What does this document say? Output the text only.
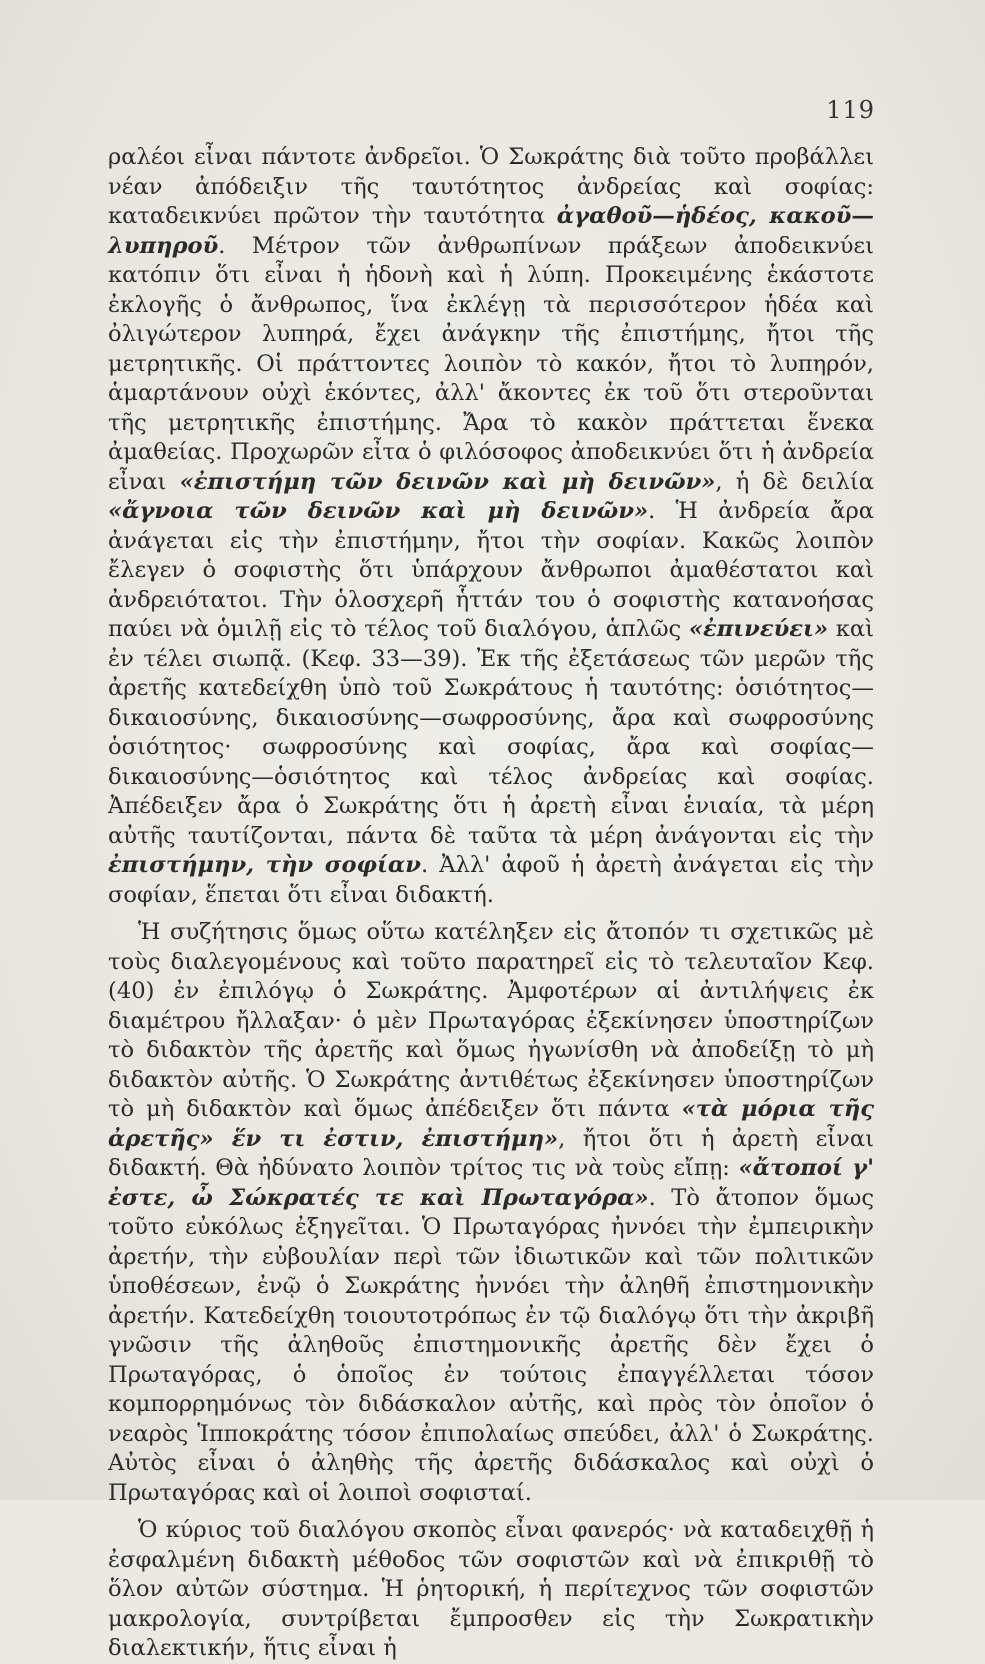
119

ραλέοι εἶναι πάντοτε ἀνδρεῖοι. Ὁ Σωκράτης διὰ τοῦτο προβάλλει νέαν ἀπόδειξιν τῆς ταυτότητος ἀνδρείας καὶ σοφίας: καταδεικνύει πρῶτον τὴν ταυτότητα ἀγαθοῦ—ἡδέος, κακοῦ—λυπηροῦ. Μέτρον τῶν ἀνθρωπίνων πράξεων ἀποδεικνύει κατόπιν ὅτι εἶναι ἡ ἡδονὴ καὶ ἡ λύπη. Προκειμένης ἑκάστοτε ἐκλογῆς ὁ ἄνθρωπος, ἵνα ἐκλέγῃ τὰ περισσότερον ἡδέα καὶ ὀλιγώτερον λυπηρά, ἔχει ἀνάγκην τῆς ἐπιστήμης, ἤτοι τῆς μετρητικῆς. Οἱ πράττοντες λοιπὸν τὸ κακόν, ἤτοι τὸ λυπηρόν, ἁμαρτάνουν οὐχὶ ἑκόντες, ἀλλ' ἄκοντες ἐκ τοῦ ὅτι στεροῦνται τῆς μετρητικῆς ἐπιστήμης. Ἄρα τὸ κακὸν πράττεται ἕνεκα ἀμαθείας. Προχωρῶν εἶτα ὁ φιλόσοφος ἀποδεικνύει ὅτι ἡ ἀνδρεία εἶναι «ἐπιστήμη τῶν δεινῶν καὶ μὴ δεινῶν», ἡ δὲ δειλία «ἄγνοια τῶν δεινῶν καὶ μὴ δεινῶν». Ἡ ἀνδρεία ἄρα ἀνάγεται εἰς τὴν ἐπιστήμην, ἤτοι τὴν σοφίαν. Κακῶς λοιπὸν ἔλεγεν ὁ σοφιστὴς ὅτι ὑπάρχουν ἄνθρωποι ἀμαθέστατοι καὶ ἀνδρειότατοι. Τὴν ὁλοσχερῆ ἧττάν του ὁ σοφιστὴς κατανοήσας παύει νὰ ὁμιλῇ εἰς τὸ τέλος τοῦ διαλόγου, ἁπλῶς «ἐπινεύει» καὶ ἐν τέλει σιωπᾷ. (Κεφ. 33—39). Ἐκ τῆς ἐξετάσεως τῶν μερῶν τῆς ἀρετῆς κατεδείχθη ὑπὸ τοῦ Σωκράτους ἡ ταυτότης: ὁσιότητος—δικαιοσύνης, δικαιοσύνης—σωφροσύνης, ἄρα καὶ σωφροσύνης ὁσιότητος· σωφροσύνης καὶ σοφίας, ἄρα καὶ σοφίας—δικαιοσύνης—ὁσιότητος καὶ τέλος ἀνδρείας καὶ σοφίας. Ἀπέδειξεν ἄρα ὁ Σωκράτης ὅτι ἡ ἀρετὴ εἶναι ἑνιαία, τὰ μέρη αὐτῆς ταυτίζονται, πάντα δὲ ταῦτα τὰ μέρη ἀνάγονται εἰς τὴν ἐπιστήμην, τὴν σοφίαν. Ἀλλ' ἀφοῦ ἡ ἀρετὴ ἀνάγεται εἰς τὴν σοφίαν, ἕπεται ὅτι εἶναι διδακτή.

Ἡ συζήτησις ὅμως οὕτω κατέληξεν εἰς ἄτοπόν τι σχετικῶς μὲ τοὺς διαλεγομένους καὶ τοῦτο παρατηρεῖ εἰς τὸ τελευταῖον Κεφ. (40) ἐν ἐπιλόγῳ ὁ Σωκράτης. Ἀμφοτέρων αἱ ἀντιλήψεις ἐκ διαμέτρου ἤλλαξαν· ὁ μὲν Πρωταγόρας ἐξεκίνησεν ὑποστηρίζων τὸ διδακτὸν τῆς ἀρετῆς καὶ ὅμως ἠγωνίσθη νὰ ἀποδείξῃ τὸ μὴ διδακτὸν αὐτῆς. Ὁ Σωκράτης ἀντιθέτως ἐξεκίνησεν ὑποστηρίζων τὸ μὴ διδακτὸν καὶ ὅμως ἀπέδειξεν ὅτι πάντα «τὰ μόρια τῆς ἀρετῆς» ἕν τι ἐστιν, ἐπιστήμη», ἤτοι ὅτι ἡ ἀρετὴ εἶναι διδακτή. Θὰ ἠδύνατο λοιπὸν τρίτος τις νὰ τοὺς εἴπῃ: «ἄτοποί γ' ἐστε, ὦ Σώκρατές τε καὶ Πρωταγόρα». Τὸ ἄτοπον ὅμως τοῦτο εὐκόλως ἐξηγεῖται. Ὁ Πρωταγόρας ἠννόει τὴν ἐμπειρικὴν ἀρετήν, τὴν εὐβουλίαν περὶ τῶν ἰδιωτικῶν καὶ τῶν πολιτικῶν ὑποθέσεων, ἐνῷ ὁ Σωκράτης ἠννόει τὴν ἀληθῆ ἐπιστημονικὴν ἀρετήν. Κατεδείχθη τοιουτοτρόπως ἐν τῷ διαλόγῳ ὅτι τὴν ἀκριβῆ γνῶσιν τῆς ἀληθοῦς ἐπιστημονικῆς ἀρετῆς δὲν ἔχει ὁ Πρωταγόρας, ὁ ὁποῖος ἐν τούτοις ἐπαγγέλλεται τόσον κομπορρημόνως τὸν διδάσκαλον αὐτῆς, καὶ πρὸς τὸν ὁποῖον ὁ νεαρὸς Ἱπποκράτης τόσον ἐπιπολαίως σπεύδει, ἀλλ' ὁ Σωκράτης. Αὐτὸς εἶναι ὁ ἀληθὴς τῆς ἀρετῆς διδάσκαλος καὶ οὐχὶ ὁ Πρωταγόρας καὶ οἱ λοιποὶ σοφισταί.

Ὁ κύριος τοῦ διαλόγου σκοπὸς εἶναι φανερός· νὰ καταδειχθῇ ἡ ἐσφαλμένη διδακτὴ μέθοδος τῶν σοφιστῶν καὶ νὰ ἐπικριθῇ τὸ ὅλον αὐτῶν σύστημα. Ἡ ῥητορική, ἡ περίτεχνος τῶν σοφιστῶν μακρολογία, συντρίβεται ἔμπροσθεν εἰς τὴν Σωκρατικὴν διαλεκτικήν, ἥτις εἶναι ἡ
